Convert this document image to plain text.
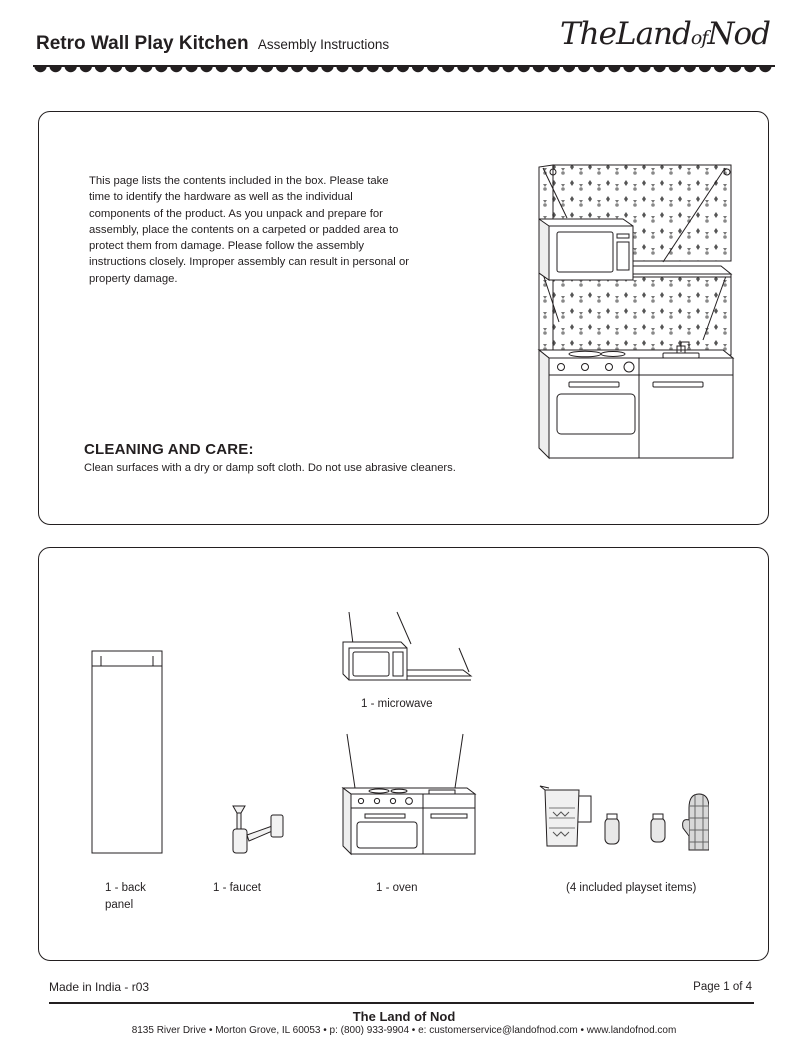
Retro Wall Play Kitchen Assembly Instructions	TheLandofNod

This page lists the contents included in the box. Please take time to identify the hardware as well as the individual components of the product. As you unpack and prepare for assembly, place the contents on a carpeted or padded area to protect them from damage. Please follow the assembly instructions closely. Improper assembly can result in personal or property damage.

CLEANING AND CARE:

Clean surfaces with a dry or damp soft cloth. Do not use abrasive cleaners.

1 - back
panel
1 - faucet
1 - microwave
1 - oven	(4 included playset items)
Made in India - r03	Page 1 of 4
The Land of Nod
8135 River Drive • Morton Grove, IL 60053 • p: (800) 933-9904 • e: customerservice@landofnod.com • www.landofnod.com
